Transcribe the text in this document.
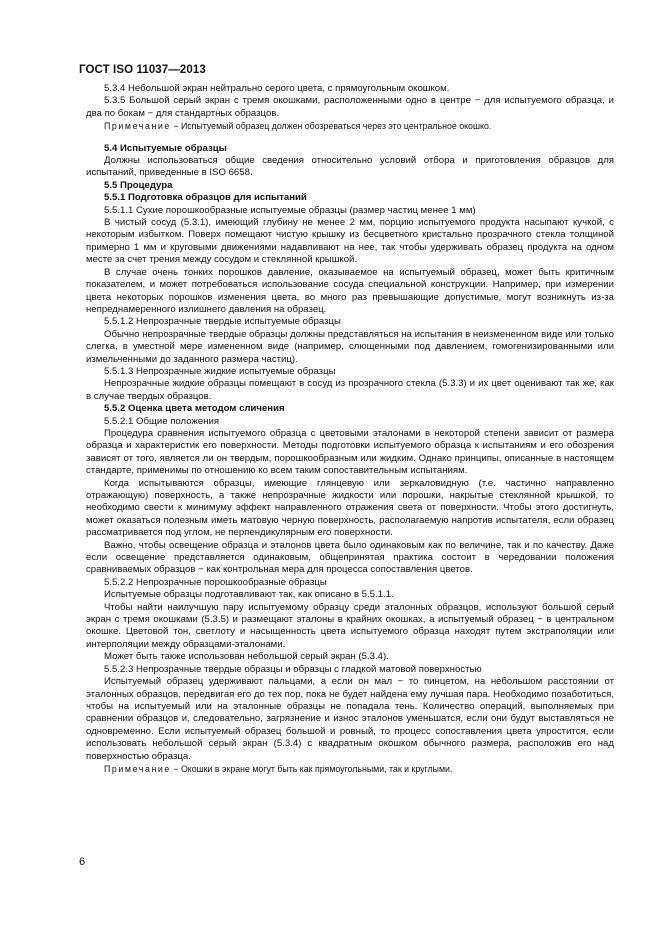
ГОСТ ISO 11037—2013

5.3.4 Небольшой экран нейтрально серого цвета, с прямоугольным окошком.

5.3.5 Большой серый экран с тремя окошками, расположенными одно в центре − для испытуемого образца, и два по бокам − для стандартных образцов.

Примечание − Испытуемый образец должен обозреваться через это центральное окошко.

5.4 Испытуемые образцы

Должны использоваться общие сведения относительно условий отбора и приготовления образцов для испытаний, приведенные в ISO 6658.

5.5 Процедура

5.5.1 Подготовка образцов для испытаний

5.5.1.1 Сухие порошкообразные испытуемые образцы (размер частиц менее 1 мм)

В чистый сосуд (5.3.1), имеющий глубину не менее 2 мм, порцию испытуемого продукта насыпают кучкой, с некоторым избытком. Поверх помещают чистую крышку из бесцветного кристально прозрачного стекла толщиной примерно 1 мм и круговыми движениями надавливают на нее, так чтобы удерживать образец продукта на одном месте за счет трения между сосудом и стеклянной крышкой.

В случае очень тонких порошков давление, оказываемое на испытуемый образец, может быть критичным показателем, и может потребоваться использование сосуда специальной конструкции. Например, при измерении цвета некоторых порошков изменения цвета, во много раз превышающие допустимые, могут возникнуть из-за непреднамеренного излишнего давления на образец.

5.5.1.2 Непрозрачные твердые испытуемые образцы

Обычно непрозрачные твердые образцы должны представляться на испытания в неизмененном виде или только слегка, в уместной мере измененном виде (например, слющенными под давлением, гомогенизированными или измельченными до заданного размера частиц).

5.5.1.3 Непрозрачные жидкие испытуемые образцы

Непрозрачные жидкие образцы помещают в сосуд из прозрачного стекла (5.3.3) и их цвет оценивают так же, как в случае твердых образцов.

5.5.2 Оценка цвета методом сличения

5.5.2.1 Общие положения

Процедура сравнения испытуемого образца с цветовыми эталонами в некоторой степени зависит от размера образца и характеристик его поверхности. Методы подготовки испытуемого образца к испытаниям и его обозрения зависят от того, является ли он твердым, порошкообразным или жидким. Однако принципы, описанные в настоящем стандарте, применимы по отношению ко всем таким сопоставительным испытаниям.

Когда испытываются образцы, имеющие глянцевую или зеркаловидную (т.е. частично направленно отражающую) поверхность, а также непрозрачные жидкости или порошки, накрытые стеклянной крышкой, то необходимо свести к минимуму эффект направленного отражения света от поверхности. Чтобы этого достигнуть, может оказаться полезным иметь матовую черную поверхность, располагаемую напротив испытателя, если образец рассматривается под углом, не перпендикулярным его поверхности.

Важно, чтобы освещение образца и эталонов цвета было одинаковым как по величине, так и по качеству. Даже если освещение представляется одинаковым, общепринятая практика состоит в чередовании положения сравниваемых образцов − как контрольная мера для процесса сопоставления цветов.

5.5.2.2 Непрозрачные порошкообразные образцы

Испытуемые образцы подготавливают так, как описано в 5.5.1.1.

Чтобы найти наилучшую пару испытуемому образцу среди эталонных образцов, используют большой серый экран с тремя окошками (5.3.5) и размещают эталоны в крайних окошках, а испытуемый образец − в центральном окошке. Цветовой тон, светлоту и насыщенность цвета испытуемого образца находят путем экстраполяции или интерполяции между образцами-эталонами.

Может быть также использован небольшой серый экран (5.3.4).

5.5.2.3 Непрозрачные твердые образцы и образцы с гладкой матовой поверхностью

Испытуемый образец удерживают пальцами, а если он мал − то пинцетом, на небольшом расстоянии от эталонных образцов, передвигая его до тех пор, пока не будет найдена ему лучшая пара. Необходимо позаботиться, чтобы на испытуемый или на эталонные образцы не попадала тень. Количество операций, выполняемых при сравнении образцов и, следовательно, загрязнение и износ эталонов уменьшатся, если они будут выставляться не одновременно. Если испытуемый образец большой и ровный, то процесс сопоставления цвета упростится, если использовать небольшой серый экран (5.3.4) с квадратным окошком обычного размера, расположив его над поверхностью образца.

Примечание − Окошки в экране могут быть как прямоугольными, так и круглыми.

6
